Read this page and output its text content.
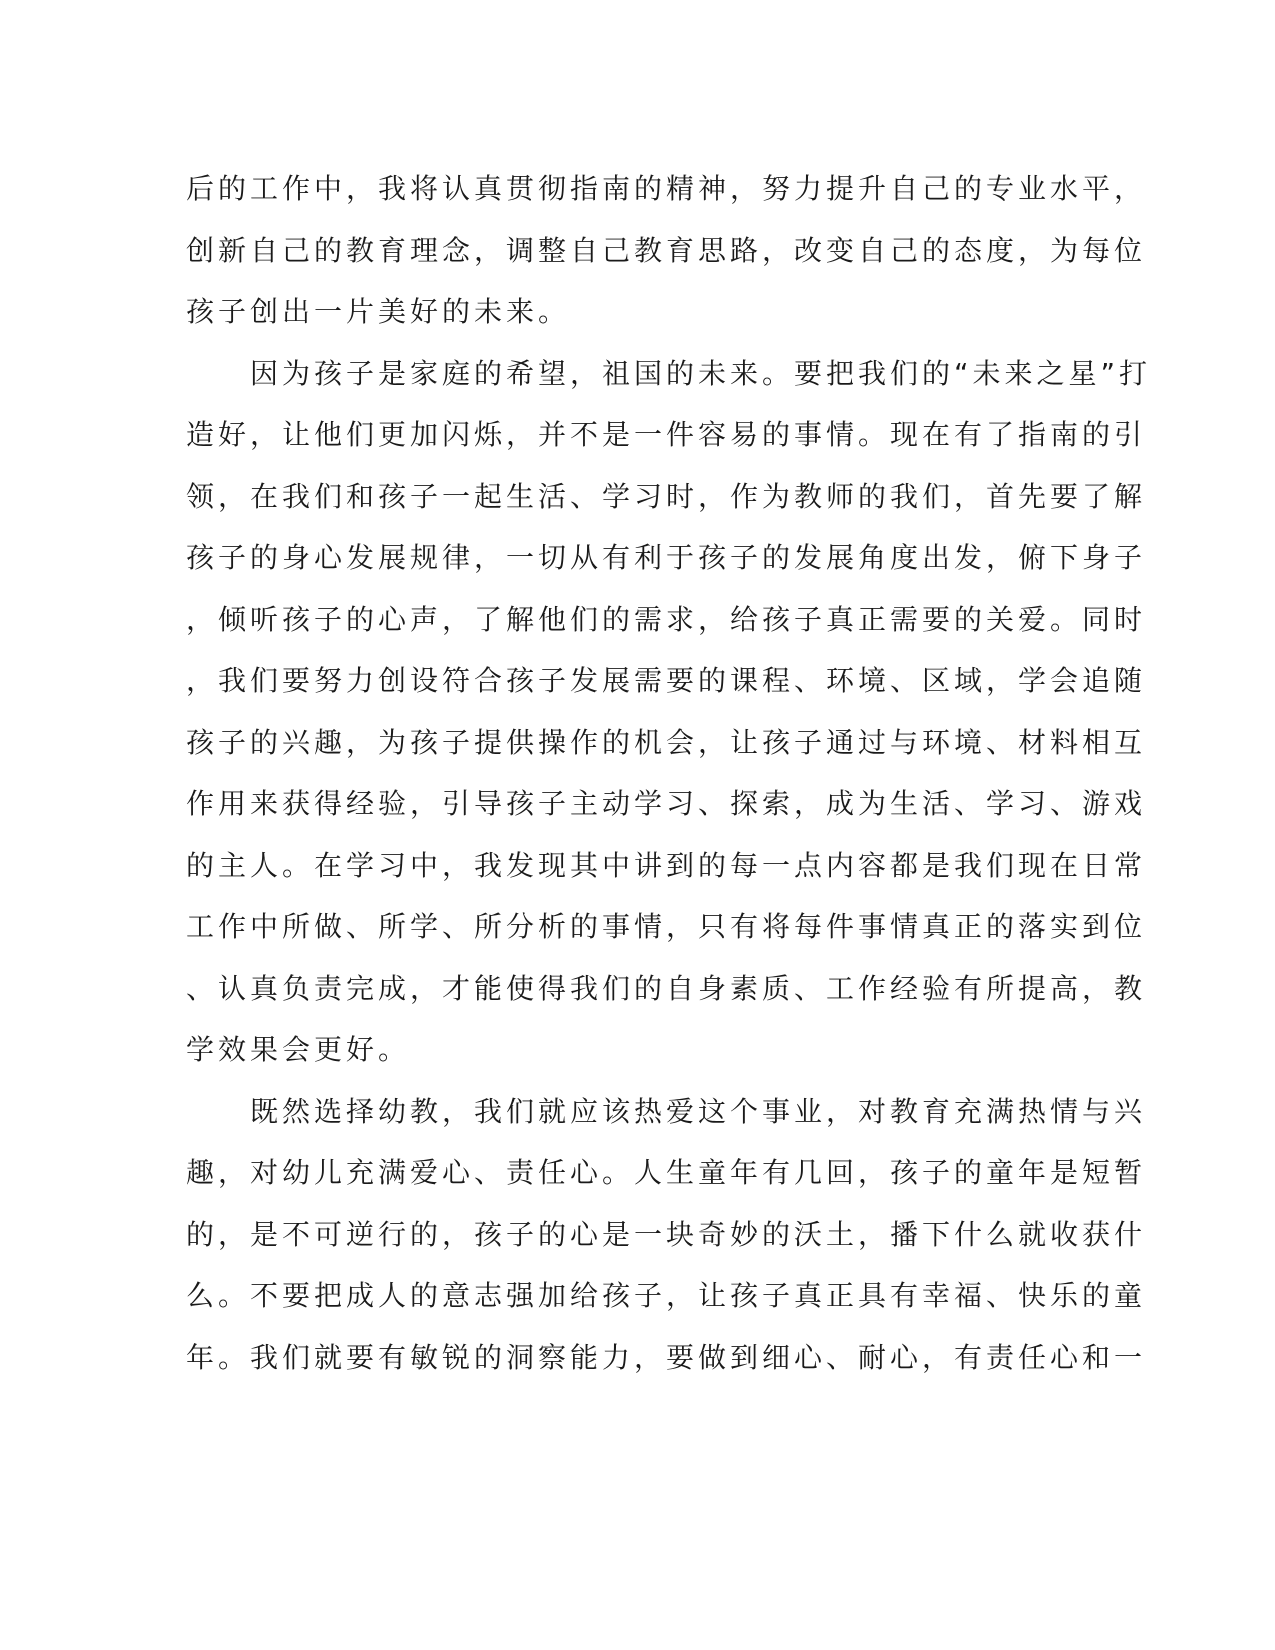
后的工作中，我将认真贯彻指南的精神，努力提升自己的专业水平，
创新自己的教育理念，调整自己教育思路，改变自己的态度，为每位
孩子创出一片美好的未来。
　　因为孩子是家庭的希望，祖国的未来。要把我们的“未来之星”打
造好，让他们更加闪烁，并不是一件容易的事情。现在有了指南的引
领，在我们和孩子一起生活、学习时，作为教师的我们，首先要了解
孩子的身心发展规律，一切从有利于孩子的发展角度出发，俯下身子
，倾听孩子的心声，了解他们的需求，给孩子真正需要的关爱。同时
，我们要努力创设符合孩子发展需要的课程、环境、区域，学会追随
孩子的兴趣，为孩子提供操作的机会，让孩子通过与环境、材料相互
作用来获得经验，引导孩子主动学习、探索，成为生活、学习、游戏
的主人。在学习中，我发现其中讲到的每一点内容都是我们现在日常
工作中所做、所学、所分析的事情，只有将每件事情真正的落实到位
、认真负责完成，才能使得我们的自身素质、工作经验有所提高，教
学效果会更好。
　　既然选择幼教，我们就应该热爱这个事业，对教育充满热情与兴
趣，对幼儿充满爱心、责任心。人生童年有几回，孩子的童年是短暂
的，是不可逆行的，孩子的心是一块奇妙的沃土，播下什么就收获什
么。不要把成人的意志强加给孩子，让孩子真正具有幸福、快乐的童
年。我们就要有敏锐的洞察能力，要做到细心、耐心，有责任心和一
